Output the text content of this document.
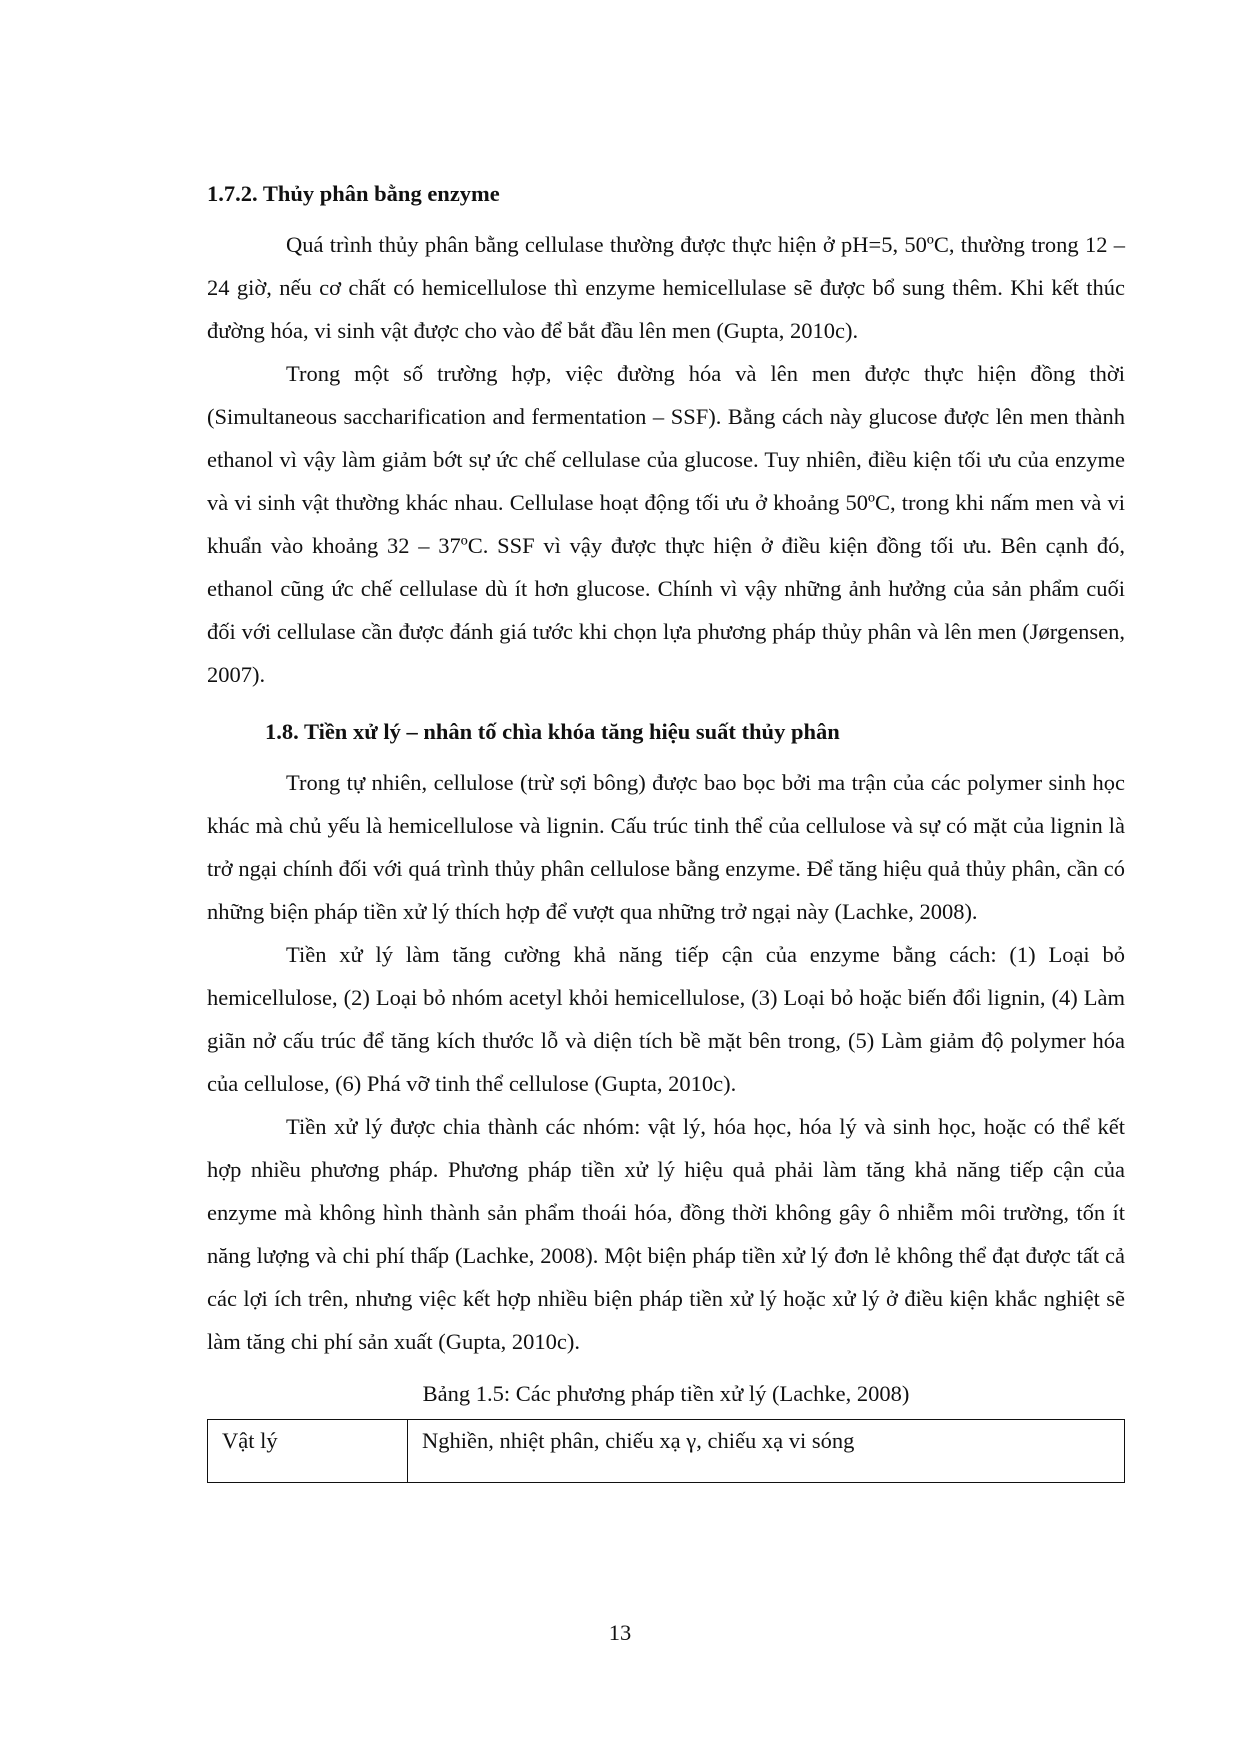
1.7.2. Thủy phân bằng enzyme

Quá trình thủy phân bằng cellulase thường được thực hiện ở pH=5, 50ºC, thường trong 12 – 24 giờ, nếu cơ chất có hemicellulose thì enzyme hemicellulase sẽ được bổ sung thêm. Khi kết thúc đường hóa, vi sinh vật được cho vào để bắt đầu lên men (Gupta, 2010c).

Trong một số trường hợp, việc đường hóa và lên men được thực hiện đồng thời (Simultaneous saccharification and fermentation – SSF). Bằng cách này glucose được lên men thành ethanol vì vậy làm giảm bớt sự ức chế cellulase của glucose. Tuy nhiên, điều kiện tối ưu của enzyme và vi sinh vật thường khác nhau. Cellulase hoạt động tối ưu ở khoảng 50ºC, trong khi nấm men và vi khuẩn vào khoảng 32 – 37ºC. SSF vì vậy được thực hiện ở điều kiện đồng tối ưu. Bên cạnh đó, ethanol cũng ức chế cellulase dù ít hơn glucose. Chính vì vậy những ảnh hưởng của sản phẩm cuối đối với cellulase cần được đánh giá tước khi chọn lựa phương pháp thủy phân và lên men (Jørgensen, 2007).

1.8. Tiền xử lý – nhân tố chìa khóa tăng hiệu suất thủy phân

Trong tự nhiên, cellulose (trừ sợi bông) được bao bọc bởi ma trận của các polymer sinh học khác mà chủ yếu là hemicellulose và lignin. Cấu trúc tinh thể của cellulose và sự có mặt của lignin là trở ngại chính đối với quá trình thủy phân cellulose bằng enzyme. Để tăng hiệu quả thủy phân, cần có những biện pháp tiền xử lý thích hợp để vượt qua những trở ngại này (Lachke, 2008).

Tiền xử lý làm tăng cường khả năng tiếp cận của enzyme bằng cách: (1) Loại bỏ hemicellulose, (2) Loại bỏ nhóm acetyl khỏi hemicellulose, (3) Loại bỏ hoặc biến đổi lignin, (4) Làm giãn nở cấu trúc để tăng kích thước lỗ và diện tích bề mặt bên trong, (5) Làm giảm độ polymer hóa của cellulose, (6) Phá vỡ tinh thể cellulose (Gupta, 2010c).

Tiền xử lý được chia thành các nhóm: vật lý, hóa học, hóa lý và sinh học, hoặc có thể kết hợp nhiều phương pháp. Phương pháp tiền xử lý hiệu quả phải làm tăng khả năng tiếp cận của enzyme mà không hình thành sản phẩm thoái hóa, đồng thời không gây ô nhiễm môi trường, tốn ít năng lượng và chi phí thấp (Lachke, 2008). Một biện pháp tiền xử lý đơn lẻ không thể đạt được tất cả các lợi ích trên, nhưng việc kết hợp nhiều biện pháp tiền xử lý hoặc xử lý ở điều kiện khắc nghiệt sẽ làm tăng chi phí sản xuất (Gupta, 2010c).

Bảng 1.5: Các phương pháp tiền xử lý (Lachke, 2008)
Vật lý	Nghiền, nhiệt phân, chiếu xạ γ, chiếu xạ vi sóng
13
